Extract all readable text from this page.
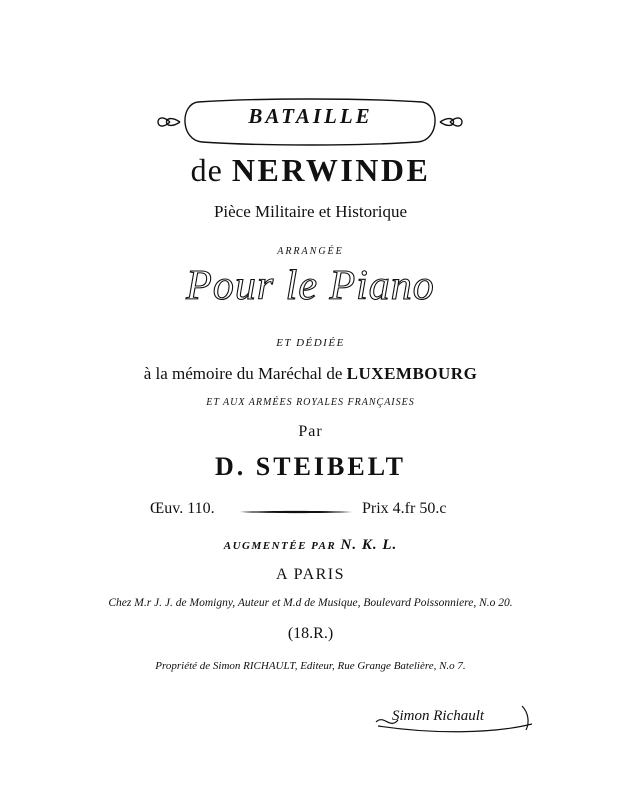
BATAILLE
de NERWINDE
Pièce Militaire et Historique
ARRANGÉE
Pour le Piano
ET DÉDIÉE
à la mémoire du Maréchal de LUXEMBOURG
ET AUX ARMÉES ROYALES FRANÇAISES
Par
D. STEIBELT
Œuv. 110.	Prix 4.fr 50.c
AUGMENTÉE PAR N. K. L.
A PARIS
Chez M.r J. J. de Momigny, Auteur et M.d de Musique, Boulevard Poissonniere, N.o 20.
(18.R.)
Propriété de Simon RICHAULT, Editeur, Rue Grange Batelière, N.o 7.
Simon Richault
